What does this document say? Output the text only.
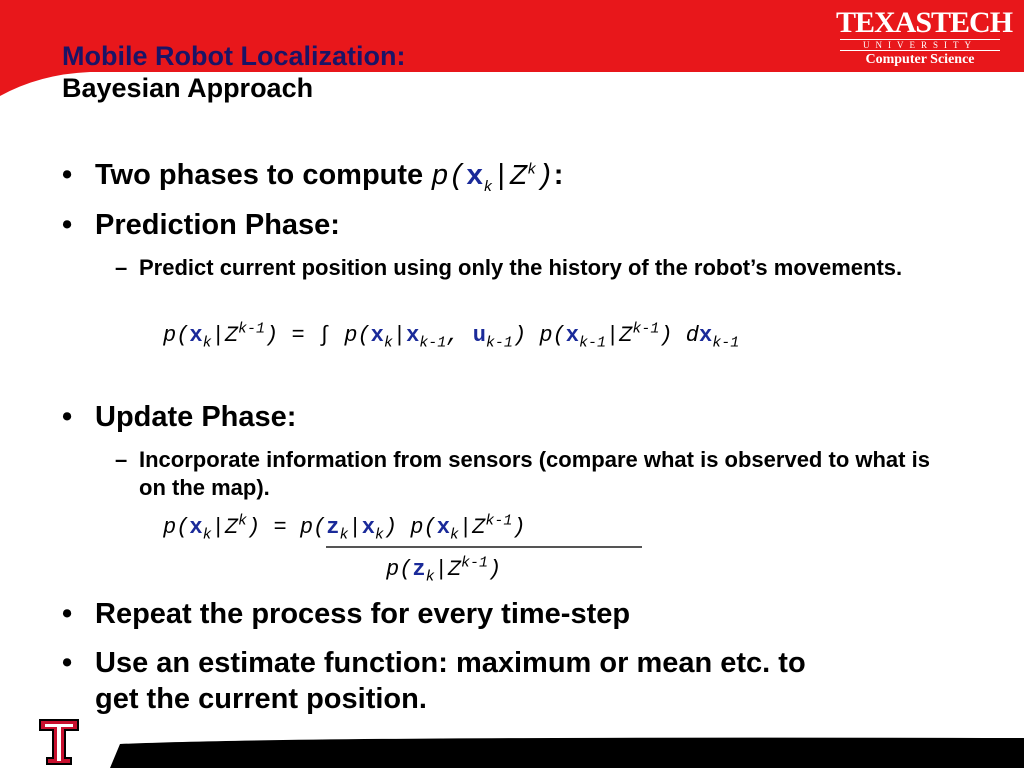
TEXASTECH
UNIVERSITY
Computer Science
Mobile Robot Localization:
Bayesian Approach
• Two phases to compute $p(x_k|Z^k)$:
• Prediction Phase:
– Predict current position using only the history of the robot’s movements.
$p(x_k|Z^{k-1})$ = ∫ $p(x_k|x_{k-1}$, $u_{k-1}$) $p(x_{k-1}|Z^{k-1})$ $dx_{k-1}$
• Update Phase:
– Incorporate information from sensors (compare what is observed to what is on the map).
$p(x_k|Z^k) = p(z_k|x_k)$ $p(x_k|Z^{k-1})$
$p(z_k|Z^{k-1})$
• Repeat the process for every time-step
• Use an estimate function: maximum or mean etc. to
get the current position.
